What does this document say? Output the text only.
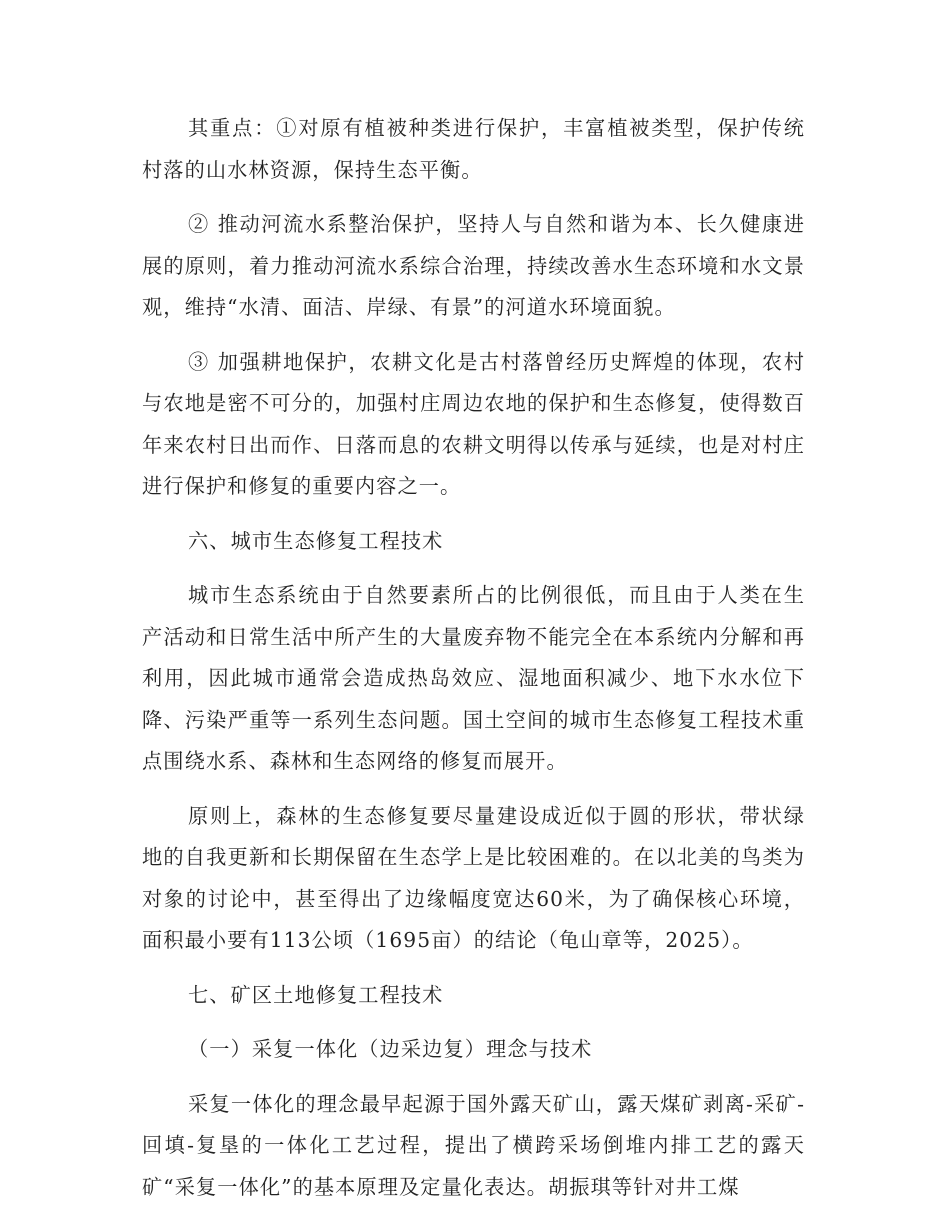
其重点：①对原有植被种类进行保护，丰富植被类型，保护传统村落的山水林资源，保持生态平衡。

② 推动河流水系整治保护，坚持人与自然和谐为本、长久健康进展的原则，着力推动河流水系综合治理，持续改善水生态环境和水文景观，维持“水清、面洁、岸绿、有景”的河道水环境面貌。

③ 加强耕地保护，农耕文化是古村落曾经历史辉煌的体现，农村与农地是密不可分的，加强村庄周边农地的保护和生态修复，使得数百年来农村日出而作、日落而息的农耕文明得以传承与延续，也是对村庄进行保护和修复的重要内容之一。

六、城市生态修复工程技术

城市生态系统由于自然要素所占的比例很低，而且由于人类在生产活动和日常生活中所产生的大量废弃物不能完全在本系统内分解和再利用，因此城市通常会造成热岛效应、湿地面积减少、地下水水位下降、污染严重等一系列生态问题。国土空间的城市生态修复工程技术重点围绕水系、森林和生态网络的修复而展开。

原则上，森林的生态修复要尽量建设成近似于圆的形状，带状绿地的自我更新和长期保留在生态学上是比较困难的。在以北美的鸟类为对象的讨论中，甚至得出了边缘幅度宽达60米，为了确保核心环境，面积最小要有113公顷（1695亩）的结论（龟山章等，2025）。

七、矿区土地修复工程技术

（一）采复一体化（边采边复）理念与技术

采复一体化的理念最早起源于国外露天矿山，露天煤矿剥离-采矿-回填-复垦的一体化工艺过程，提出了横跨采场倒堆内排工艺的露天矿“采复一体化”的基本原理及定量化表达。胡振琪等针对井工煤
